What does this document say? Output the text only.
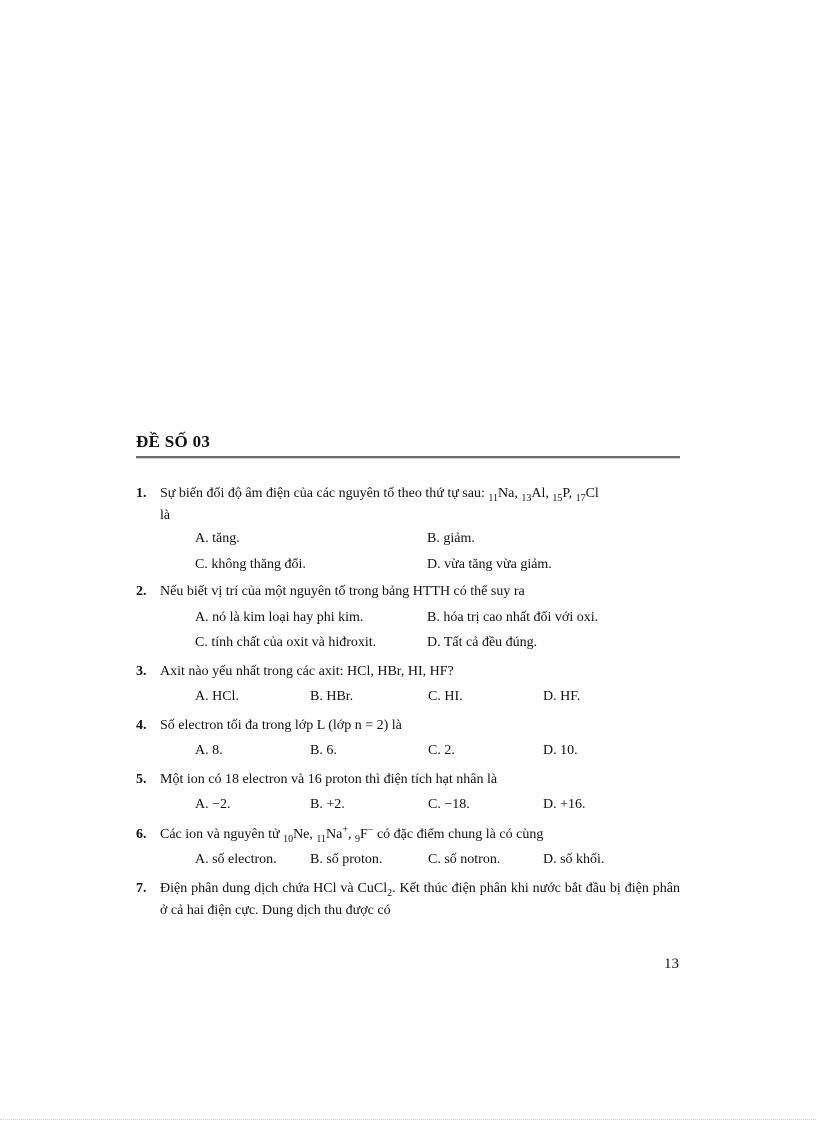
ĐỀ SỐ 03
1. Sự biến đổi độ âm điện của các nguyên tố theo thứ tự sau: $_{11}$Na, $_{13}$Al, $_{15}$P, $_{17}$Cl
là
A. tăng.	B. giảm.
C. không thăng đổi.	D. vừa tăng vừa giảm.
2. Nếu biết vị trí của một nguyên tố trong bảng HTTH có thể suy ra
A. nó là kim loại hay phi kim.	B. hóa trị cao nhất đối với oxi.
C. tính chất của oxit và hiđroxit.	D. Tất cả đều đúng.
3. Axit nào yếu nhất trong các axit: HCl, HBr, HI, HF?
A. HCl.	B. HBr.	C. HI.	D. HF.
4. Số electron tối đa trong lớp L (lớp n = 2) là
A. 8.	B. 6.	C. 2.	D. 10.
5. Một ion có 18 electron và 16 proton thì điện tích hạt nhân là
A. −2.	B. +2.	C. −18.	D. +16.
6. Các ion và nguyên tử $_{10}$Ne, $_{11}$Na+, $_9$F− có đặc điểm chung là có cùng
A. số electron. B. số proton.	C. số notron.	D. số khối.
7. Điện phân dung dịch chứa HCl và CuCl$_2$. Kết thúc điện phân khi nước bắt đầu bị điện phân ở cả hai điện cực. Dung dịch thu được có
13
